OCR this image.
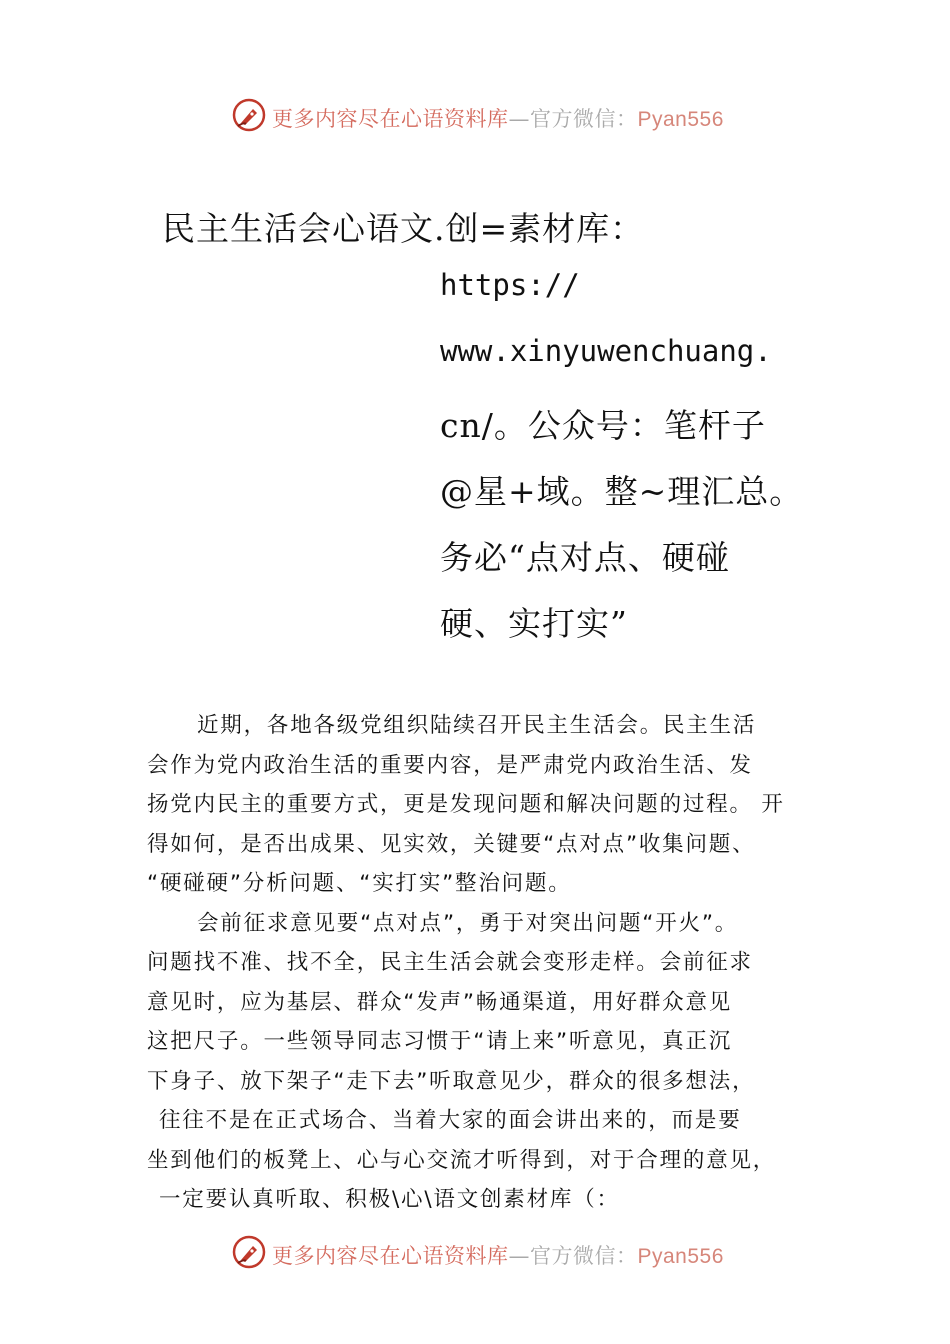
更多内容尽在心语资料库—官方微信：Pyan556
民主生活会心语文.创=素材库：
https://
www.xinyuwenchuang.
cn/。公众号：笔杆子
@星+域。整~理汇总。
务必“点对点、硬碰
硬、实打实”
近期，各地各级党组织陆续召开民主生活会。民主生活
会作为党内政治生活的重要内容，是严肃党内政治生活、发
扬党内民主的重要方式，更是发现问题和解决问题的过程。 开
得如何，是否出成果、见实效，关键要“点对点”收集问题、
“硬碰硬”分析问题、“实打实”整治问题。
会前征求意见要“点对点”，勇于对突出问题“开火”。
问题找不准、找不全，民主生活会就会变形走样。会前征求
意见时，应为基层、群众“发声”畅通渠道，用好群众意见
这把尺子。一些领导同志习惯于“请上来”听意见，真正沉
下身子、放下架子“走下去”听取意见少，群众的很多想法，
往往不是在正式场合、当着大家的面会讲出来的，而是要
坐到他们的板凳上、心与心交流才听得到，对于合理的意见，
一定要认真听取、积极\心\语文创素材库（：
更多内容尽在心语资料库—官方微信：Pyan556
